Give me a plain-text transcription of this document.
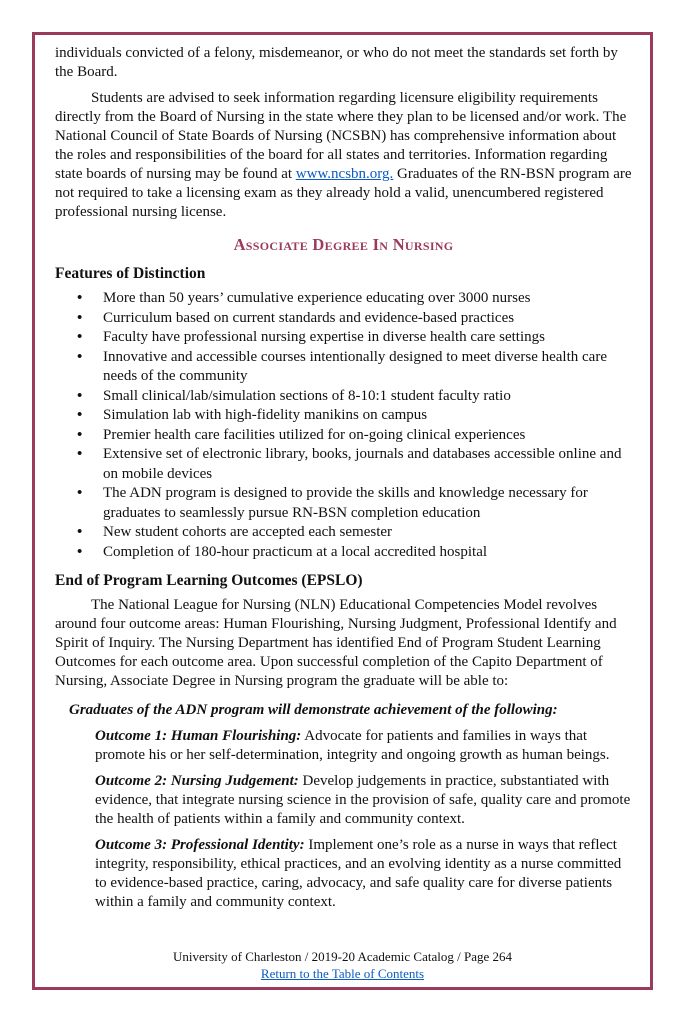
individuals convicted of a felony, misdemeanor, or who do not meet the standards set forth by the Board.

Students are advised to seek information regarding licensure eligibility requirements directly from the Board of Nursing in the state where they plan to be licensed and/or work. The National Council of State Boards of Nursing (NCSBN) has comprehensive information about the roles and responsibilities of the board for all states and territories. Information regarding state boards of nursing may be found at www.ncsbn.org. Graduates of the RN-BSN program are not required to take a licensing exam as they already hold a valid, unencumbered registered professional nursing license.

Associate Degree In Nursing
Features of Distinction
• More than 50 years’ cumulative experience educating over 3000 nurses
• Curriculum based on current standards and evidence-based practices
• Faculty have professional nursing expertise in diverse health care settings
• Innovative and accessible courses intentionally designed to meet diverse health care needs of the community
• Small clinical/lab/simulation sections of 8-10:1 student faculty ratio
• Simulation lab with high-fidelity manikins on campus
• Premier health care facilities utilized for on-going clinical experiences
• Extensive set of electronic library, books, journals and databases accessible online and on mobile devices
• The ADN program is designed to provide the skills and knowledge necessary for graduates to seamlessly pursue RN-BSN completion education
• New student cohorts are accepted each semester
• Completion of 180-hour practicum at a local accredited hospital
End of Program Learning Outcomes (EPSLO)

The National League for Nursing (NLN) Educational Competencies Model revolves around four outcome areas: Human Flourishing, Nursing Judgment, Professional Identify and Spirit of Inquiry. The Nursing Department has identified End of Program Student Learning Outcomes for each outcome area. Upon successful completion of the Capito Department of Nursing, Associate Degree in Nursing program the graduate will be able to:

Graduates of the ADN program will demonstrate achievement of the following:

Outcome 1: Human Flourishing: Advocate for patients and families in ways that promote his or her self-determination, integrity and ongoing growth as human beings.

Outcome 2: Nursing Judgement: Develop judgements in practice, substantiated with evidence, that integrate nursing science in the provision of safe, quality care and promote the health of patients within a family and community context.

Outcome 3: Professional Identity: Implement one’s role as a nurse in ways that reflect integrity, responsibility, ethical practices, and an evolving identity as a nurse committed to evidence-based practice, caring, advocacy, and safe quality care for diverse patients within a family and community context.

University of Charleston / 2019-20 Academic Catalog / Page 264
Return to the Table of Contents
